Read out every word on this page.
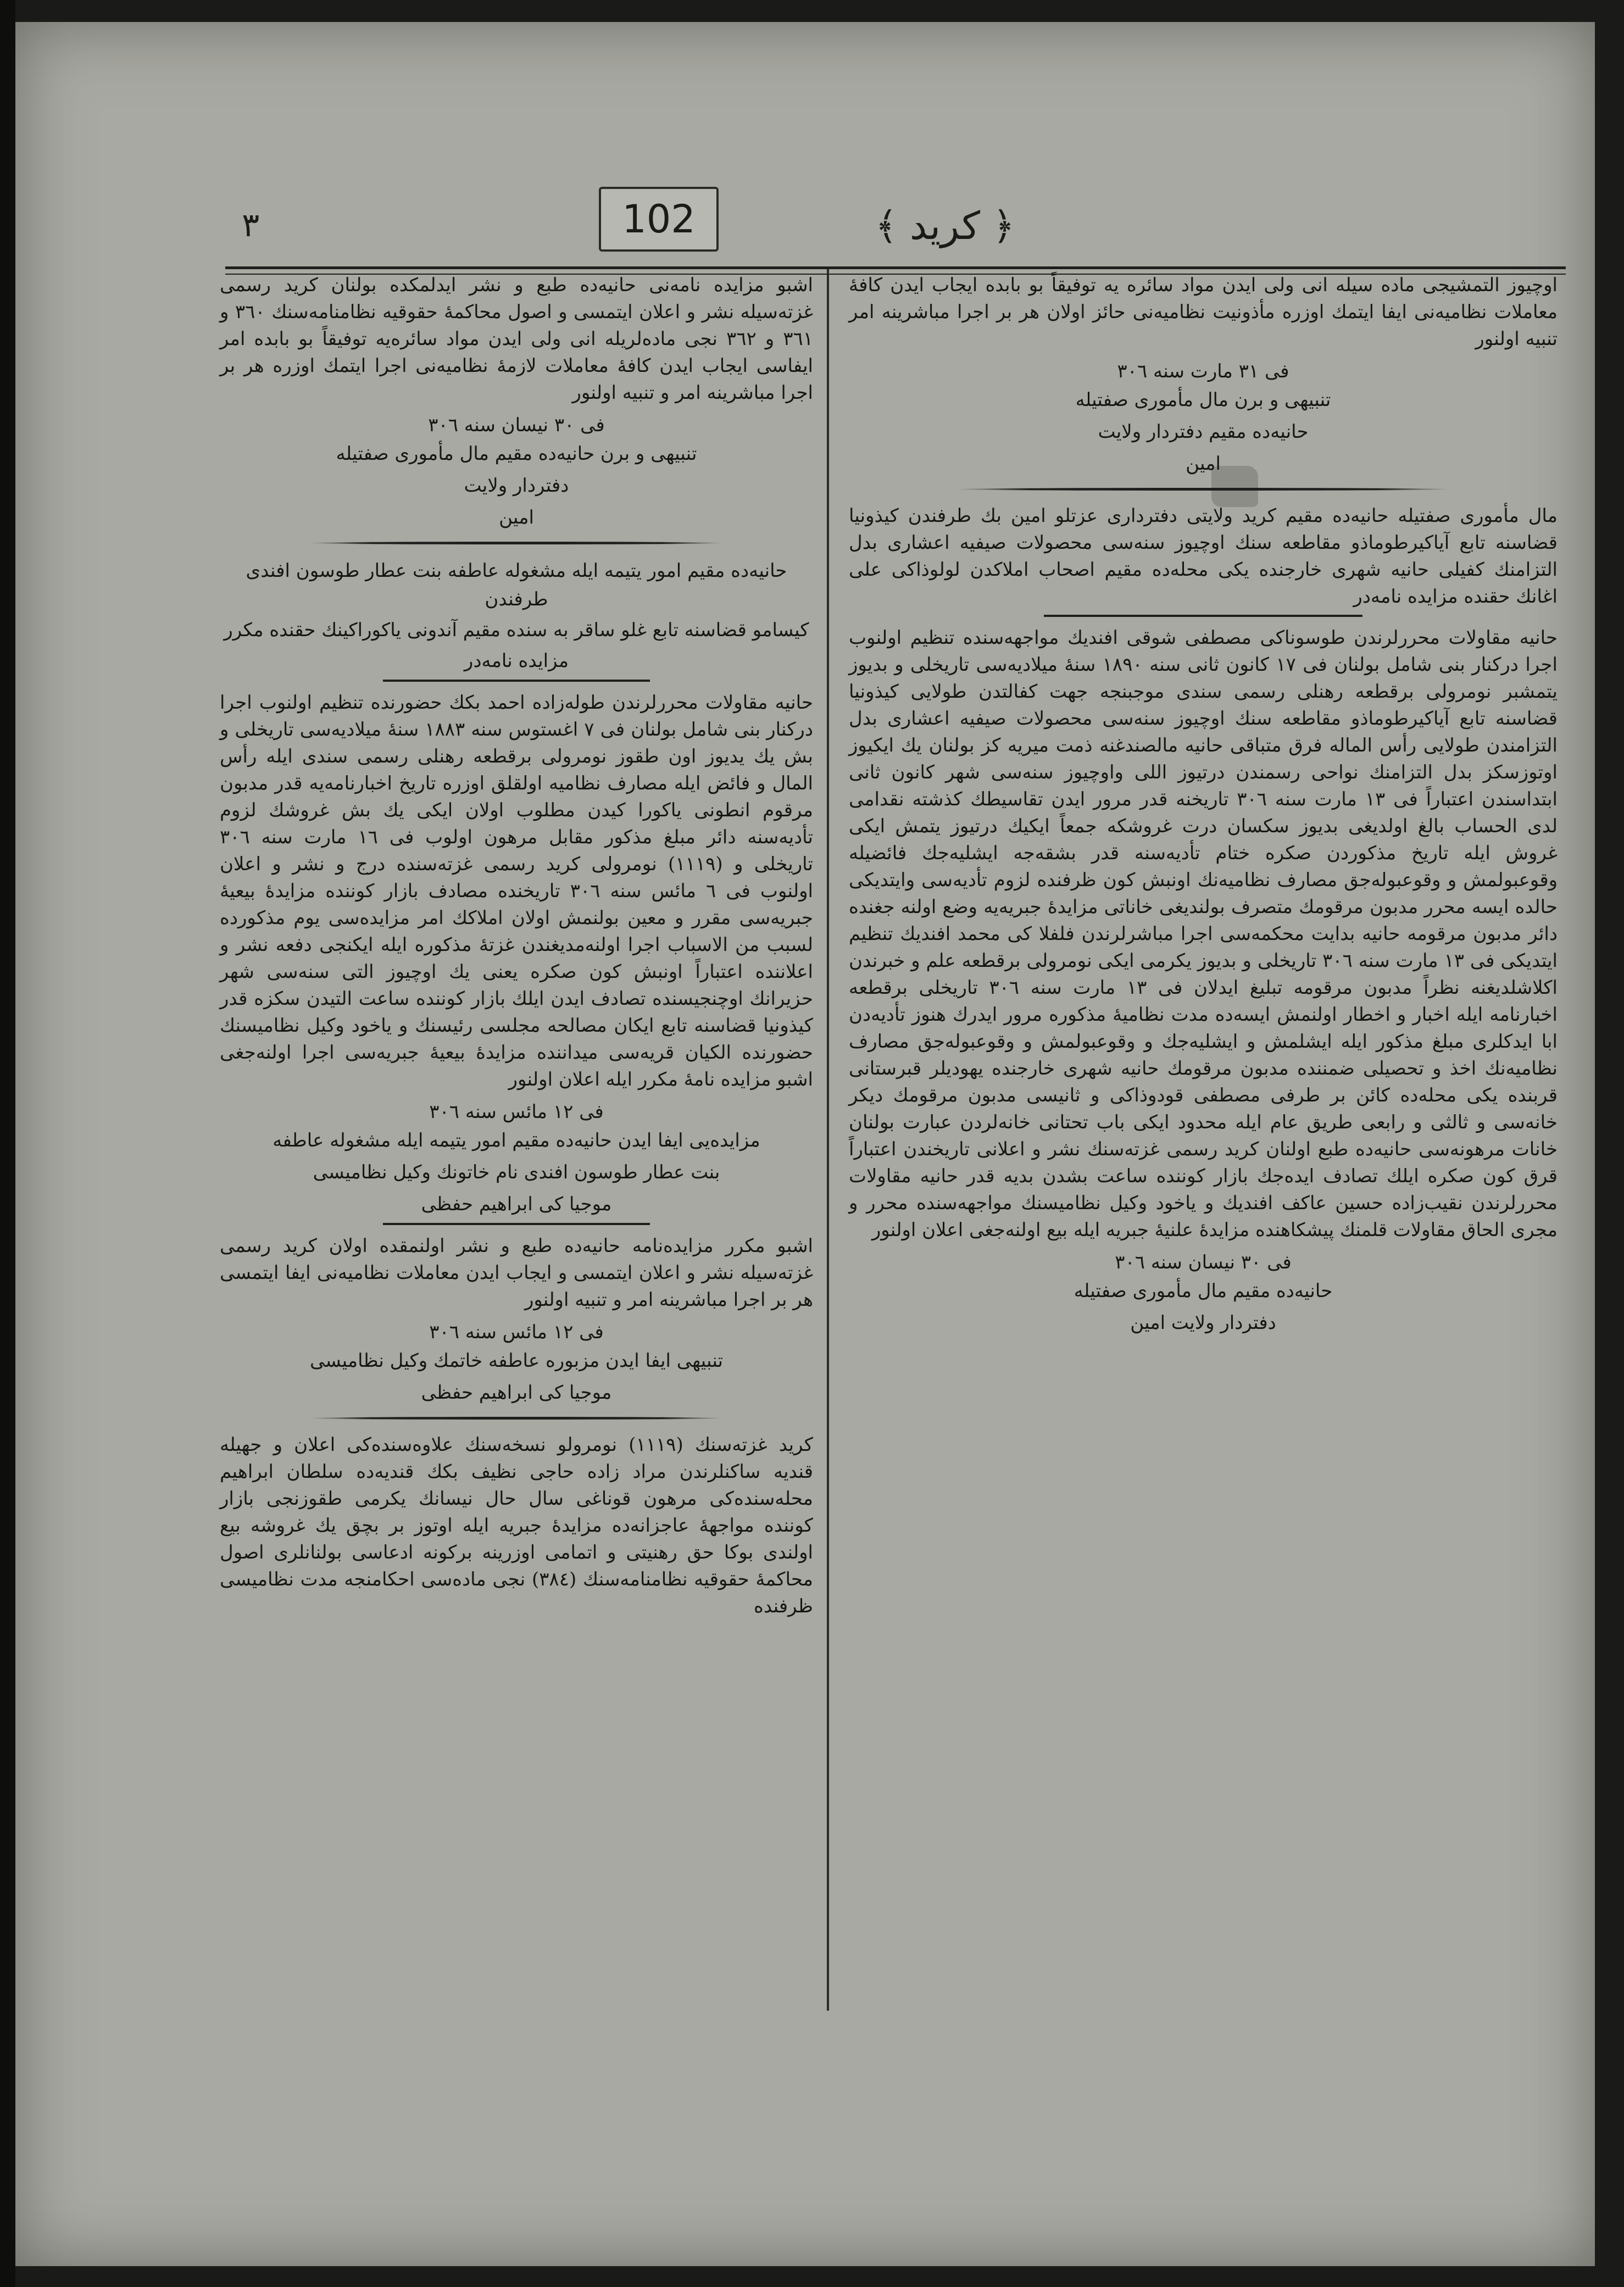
102
٣	﴿ كريد ﴾

اوچيوز التمشيجى ماده سيله انى ولى ايدن مواد سائره يه توفيقاً بو بابده ايجاب ايدن كافهٔ معاملات نظاميه‌نى ايفا ايتمك اوزره مأذونيت نظاميه‌نى حائز اولان هر بر اجرا مباشرينه امر تنبيه اولنور

فى ٣١ مارت سنه ٣٠٦

تنبيهى و برن مال مأمورى صفتيله

حانيه‌ده مقيم دفتردار ولايت

امين

مال مأمورى صفتيله حانيه‌ده مقيم كريد ولايتى دفتردارى عزتلو امين بك طرفندن كيذونيا قضاسنه تابع آياكيرطوماذو مقاطعه سنك اوچيوز سنه‌سى محصولات صيفيه اعشارى بدل التزامنك كفيلى حانيه شهرى خارجنده يكى محله‌ده مقيم اصحاب املاكدن لولوذاكى على اغانك حقنده مزايده نامه‌در

حانيه مقاولات محررلرندن طوسوناكى مصطفى شوقى افنديك مواجهه‌سنده تنظيم اولنوب اجرا دركنار بنى شامل بولنان فى ١٧ كانون ثانى سنه ١٨٩٠ سنهٔ ميلاديه‌سى تاريخلى و بديوز يتمشبر نومرولى برقطعه رهنلى رسمى سندى موجبنجه جهت كفالتدن طولايى كيذونيا قضاسنه تابع آياكيرطوماذو مقاطعه سنك اوچيوز سنه‌سى محصولات صيفيه اعشارى بدل التزامندن طولايى رأس الماله فرق متباقى حانيه مالصندغنه ذمت ميريه كز بولنان يك ايكيوز اوتوزسكز بدل التزامنك نواحى رسمندن درتيوز اللى واوچيوز سنه‌سى شهر كانون ثانى ابتداسندن اعتباراً فى ١٣ مارت سنه ٣٠٦ تاريخنه قدر مرور ايدن تقاسيطك كذشته نقدامى لدى الحساب بالغ اولديغى بديوز سكسان درت غروشكه جمعاً ايكيك درتيوز يتمش ايكى غروش ايله تاريخ مذكوردن صكره ختام تأديه‌سنه قدر بشقه‌جه ايشليه‌جك فائضيله وقوعبولمش و وقوعبوله‌جق مصارف نظاميه‌نك اونبش كون ظرفنده لزوم تأديه‌سى وايتديكى حالده ايسه محرر مدبون مرقومك متصرف بولنديغى خاناتى مزايدهٔ جبريه‌يه وضع اولنه جغنده دائر مدبون مرقومه حانيه بدايت محكمه‌سى اجرا مباشرلرندن فلفلا كى محمد افنديك تنظيم ايتديكى فى ١٣ مارت سنه ٣٠٦ تاريخلى و بديوز يكرمى ايكى نومرولى برقطعه علم و خبرندن اكلاشلديغنه نظراً مدبون مرقومه تبليغ ايدلان فى ١٣ مارت سنه ٣٠٦ تاريخلى برقطعه اخبارنامه ايله اخبار و اخطار اولنمش ايسه‌ده مدت نظاميهٔ مذكوره مرور ايدرك هنوز تأديه‌دن ابا ايدكلرى مبلغ مذكور ايله ايشلمش و ايشليه‌جك و وقوعبولمش و وقوعبوله‌جق مصارف نظاميه‌نك اخذ و تحصيلى ضمننده مدبون مرقومك حانيه شهرى خارجنده يهوديلر قبرستانى قربنده يكى محله‌ده كائن بر طرفى مصطفى قودوذاكى و ثانيسى مدبون مرقومك ديكر خانه‌سى و ثالثى و رابعى طريق عام ايله محدود ايكى باب تحتانى خانه‌لردن عبارت بولنان خانات مرهونه‌سى حانيه‌ده طبع اولنان كريد رسمى غزته‌سنك نشر و اعلانى تاريخندن اعتباراً قرق كون صكره ايلك تصادف ايده‌جك بازار كوننده ساعت بشدن بديه قدر حانيه مقاولات محررلرندن نقيب‌زاده حسين عاكف افنديك و ياخود وكيل نظاميسنك مواجهه‌سنده محرر و مجرى الحاق مقاولات قلمنك پيشكاهنده مزايدهٔ علنيهٔ جبريه ايله بيع اولنه‌جغى اعلان اولنور

فى ٣٠ نيسان سنه ٣٠٦

حانيه‌ده مقيم مال مأمورى صفتيله

دفتردار ولايت امين

اشبو مزايده نامه‌نى حانيه‌ده طبع و نشر ايدلمكده بولنان كريد رسمى غزته‌سيله نشر و اعلان ايتمسى و اصول محاكمهٔ حقوقيه نظامنامه‌سنك ٣٦٠ و ٣٦١ و ٣٦٢ نجى ماده‌لريله انى ولى ايدن مواد سائره‌يه توفيقاً بو بابده امر ايفاسى ايجاب ايدن كافهٔ معاملات لازمهٔ نظاميه‌نى اجرا ايتمك اوزره هر بر اجرا مباشرينه امر و تنبيه اولنور

فى ٣٠ نيسان سنه ٣٠٦

تنبيهى و برن حانيه‌ده مقيم مال مأمورى صفتيله

دفتردار ولايت

امين

حانيه‌ده مقيم امور يتيمه ايله مشغوله عاطفه بنت عطار طوسون افندى طرفندن

كيسامو قضاسنه تابع غلو ساقر به سنده مقيم آندونى ياكوراكينك حقنده مكرر

مزايده نامه‌در

حانيه مقاولات محررلرندن طوله‌زاده احمد بكك حضورنده تنظيم اولنوب اجرا دركنار بنى شامل بولنان فى ٧ اغستوس سنه ١٨٨٣ سنهٔ ميلاديه‌سى تاريخلى و بش يك يديوز اون طقوز نومرولى برقطعه رهنلى رسمى سندى ايله رأس المال و فائض ايله مصارف نظاميه اولقلق اوزره تاريخ اخبارنامه‌يه قدر مدبون مرقوم انطونى ياكورا كيدن مطلوب اولان ايكى يك بش غروشك لزوم تأديه‌سنه دائر مبلغ مذكور مقابل مرهون اولوب فى ١٦ مارت سنه ٣٠٦ تاريخلى و (١١١٩) نومرولى كريد رسمى غزته‌سنده درج و نشر و اعلان اولنوب فى ٦ مائس سنه ٣٠٦ تاريخنده مصادف بازار كوننده مزايدهٔ بيعيهٔ جبريه‌سى مقرر و معين بولنمش اولان املاكك امر مزايده‌سى يوم مذكورده لسبب من الاسباب اجرا اولنه‌مديغندن غزتهٔ مذكوره ايله ايكنجى دفعه نشر و اعلاننده اعتباراً اونبش كون صكره يعنى يك اوچيوز التى سنه‌سى شهر حزيرانك اوچنجيسنده تصادف ايدن ايلك بازار كوننده ساعت التيدن سكزه قدر كيذونيا قضاسنه تابع ايكان مصالحه مجلسى رئيسنك و ياخود وكيل نظاميسنك حضورنده الكيان قريه‌سى ميداننده مزايدهٔ بيعيهٔ جبريه‌سى اجرا اولنه‌جغى اشبو مزايده نامهٔ مكرر ايله اعلان اولنور

فى ١٢ مائس سنه ٣٠٦

مزايده‌يى ايفا ايدن حانيه‌ده مقيم امور يتيمه ايله مشغوله عاطفه

بنت عطار طوسون افندى نام خاتونك وكيل نظاميسى

موجيا كى ابراهيم حفظى

اشبو مكرر مزايده‌نامه حانيه‌ده طبع و نشر اولنمقده اولان كريد رسمى غزته‌سيله نشر و اعلان ايتمسى و ايجاب ايدن معاملات نظاميه‌نى ايفا ايتمسى هر بر اجرا مباشرينه امر و تنبيه اولنور

فى ١٢ مائس سنه ٣٠٦

تنبيهى ايفا ايدن مزبوره عاطفه خاتمك وكيل نظاميسى

موجيا كى ابراهيم حفظى

كريد غزته‌سنك (١١١٩) نومرولو نسخه‌سنك علاوه‌سنده‌كى اعلان و جهيله قنديه ساكنلرندن مراد زاده حاجى نظيف بكك قنديه‌ده سلطان ابراهيم محله‌سنده‌كى مرهون قوناغى سال حال نيسانك يكرمى طقوزنجى بازار كوننده مواجههٔ عاجزانه‌ده مزايدهٔ جبريه ايله اوتوز بر بچق يك غروشه بيع اولندى بوكا حق رهنيتى و اتمامى اوزرينه بركونه ادعاسى بولنانلرى اصول محاكمهٔ حقوقيه نظامنامه‌سنك (٣٨٤) نجى ماده‌سى احكامنجه مدت نظاميسى ظرفنده
